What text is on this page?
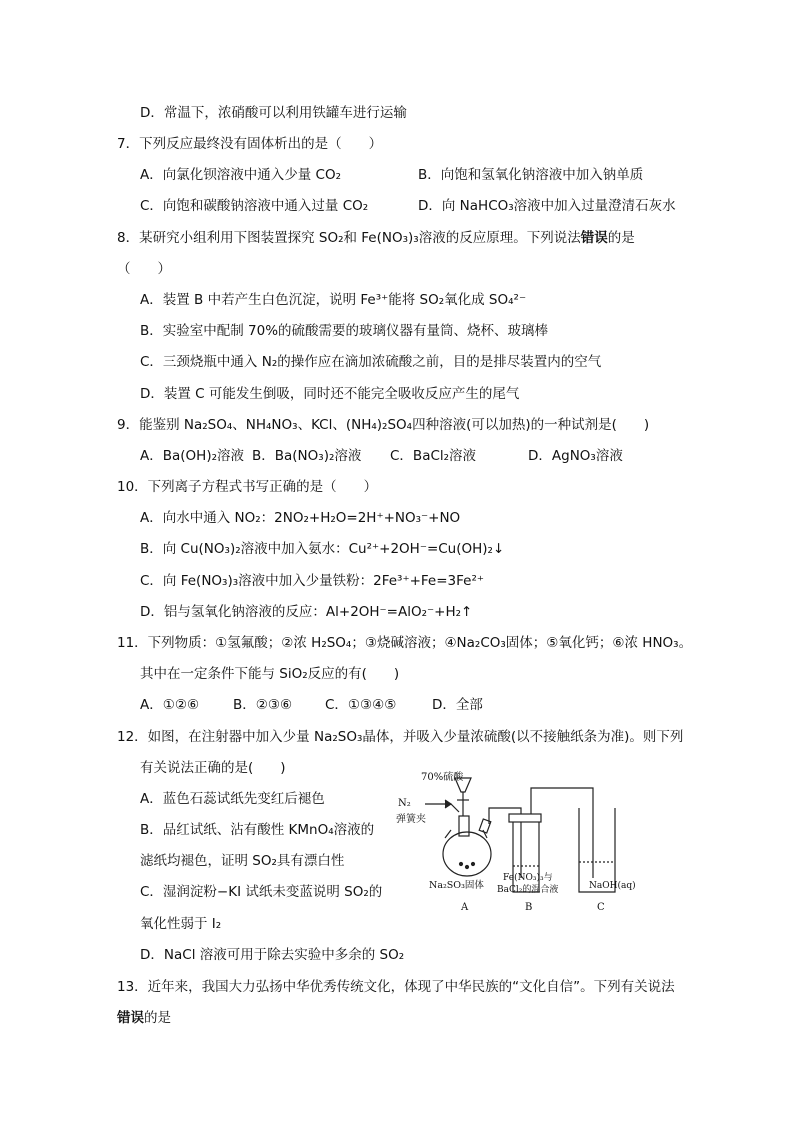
D．常温下，浓硝酸可以利用铁罐车进行运输
7．下列反应最终没有固体析出的是（　　）
A．向氯化钡溶液中通入少量 CO₂	B．向饱和氢氧化钠溶液中加入钠单质
C．向饱和碳酸钠溶液中通入过量 CO₂	D．向 NaHCO₃溶液中加入过量澄清石灰水
8．某研究小组利用下图装置探究 SO₂和 Fe(NO₃)₃溶液的反应原理。下列说法错误的是
（　　）
A．装置 B 中若产生白色沉淀，说明 Fe³⁺能将 SO₂氧化成 SO₄²⁻
B．实验室中配制 70%的硫酸需要的玻璃仪器有量筒、烧杯、玻璃棒
C．三颈烧瓶中通入 N₂的操作应在滴加浓硫酸之前，目的是排尽装置内的空气
D．装置 C 可能发生倒吸，同时还不能完全吸收反应产生的尾气
9．能鉴别 Na₂SO₄、NH₄NO₃、KCl、(NH₄)₂SO₄四种溶液(可以加热)的一种试剂是(　　)
A．Ba(OH)₂溶液 B．Ba(NO₃)₂溶液 C．BaCl₂溶液	D．AgNO₃溶液
10．下列离子方程式书写正确的是（　　）
A．向水中通入 NO₂：2NO₂+H₂O=2H⁺+NO₃⁻+NO
B．向 Cu(NO₃)₂溶液中加入氨水：Cu²⁺+2OH⁻=Cu(OH)₂↓
C．向 Fe(NO₃)₃溶液中加入少量铁粉：2Fe³⁺+Fe=3Fe²⁺
D．铝与氢氧化钠溶液的反应：Al+2OH⁻=AlO₂⁻+H₂↑
11．下列物质：①氢氟酸；②浓 H₂SO₄；③烧碱溶液；④Na₂CO₃固体；⑤氧化钙；⑥浓 HNO₃。
其中在一定条件下能与 SiO₂反应的有(　　)
A．①②⑥	B．②③⑥ C．①③④⑤	D．全部
12．如图，在注射器中加入少量 Na₂SO₃晶体，并吸入少量浓硫酸(以不接触纸条为准)。则下列
有关说法正确的是(　　)
A．蓝色石蕊试纸先变红后褪色
B．品红试纸、沾有酸性 KMnO₄溶液的
滤纸均褪色，证明 SO₂具有漂白性
C．湿润淀粉−KI 试纸未变蓝说明 SO₂的
氧化性弱于 I₂
D．NaCl 溶液可用于除去实验中多余的 SO₂
70%硫酸
N₂
弹簧夹
Na₂SO₃固体
Fe(NO₃)₃与
BaCl₂的混合液	NaOH(aq)
A	B	C
13．近年来，我国大力弘扬中华优秀传统文化，体现了中华民族的“文化自信”。下列有关说法
错误的是
